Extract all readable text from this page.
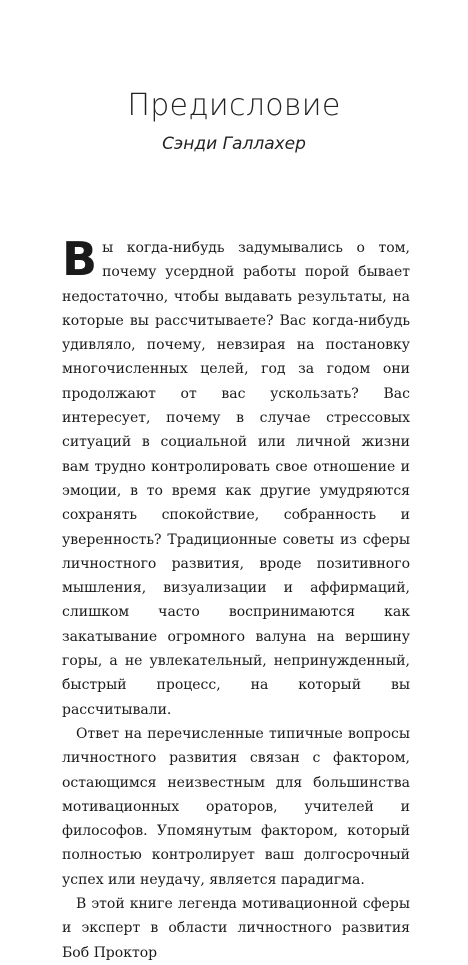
Предисловие

Сэнди Галлахер

Вы когда-нибудь задумывались о том, почему усердной работы порой бывает недостаточно, чтобы выдавать результаты, на которые вы рассчитываете? Вас когда-нибудь удивляло, почему, невзирая на постановку многочисленных целей, год за годом они продолжают от вас ускользать? Вас интересует, почему в случае стрессовых ситуаций в социальной или личной жизни вам трудно контролировать свое отношение и эмоции, в то время как другие умудряются сохранять спокойствие, собранность и уверенность? Традиционные советы из сферы личностного развития, вроде позитивного мышления, визуализации и аффирмаций, слишком часто воспринимаются как закатывание огромного валуна на вершину горы, а не увлекательный, непринужденный, быстрый процесс, на который вы рассчитывали.

Ответ на перечисленные типичные вопросы личностного развития связан с фактором, остающимся неизвестным для большинства мотивационных ораторов, учителей и философов. Упомянутым фактором, который полностью контролирует ваш долгосрочный успех или неудачу, является парадигма.

В этой книге легенда мотивационной сферы и эксперт в области личностного развития Боб Проктор
